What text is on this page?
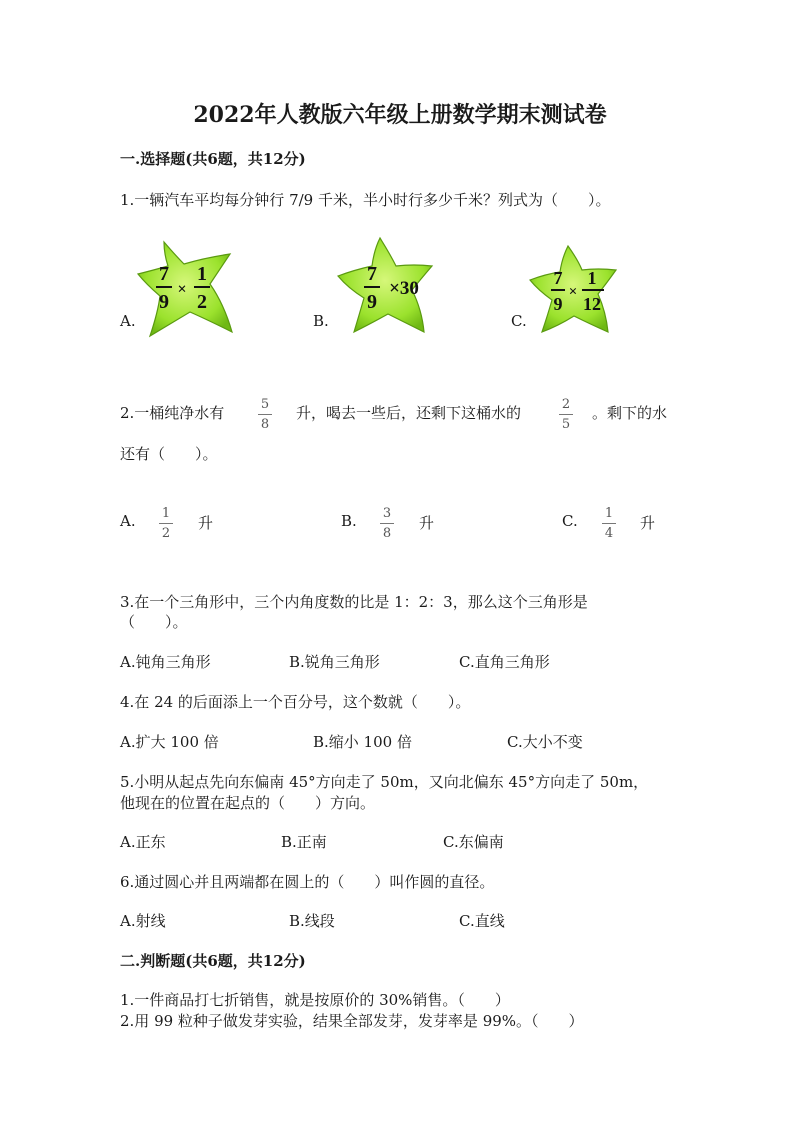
2022年人教版六年级上册数学期末测试卷
一.选择题(共6题，共12分)
1.一辆汽车平均每分钟行 7/9 千米，半小时行多少千米？列式为（　　）。
A.
7
9
×
1
2
B.
7
9
×30
C.
7
9
×
1
12
2.一桶纯净水有	5
8
升，喝去一些后，还剩下这桶水的	2
5
。剩下的水
还有（　　）。
A. 1
2
升	B. 3
8
升	C. 1
4
升
3.在一个三角形中，三个内角度数的比是 1：2：3，那么这个三角形是
（　　）。
A.钝角三角形	B.锐角三角形	C.直角三角形
4.在 24 的后面添上一个百分号，这个数就（　　）。
A.扩大 100 倍	B.缩小 100 倍	C.大小不变
5.小明从起点先向东偏南 45°方向走了 50m，又向北偏东 45°方向走了 50m，
他现在的位置在起点的（　　）方向。
A.正东	B.正南	C.东偏南
6.通过圆心并且两端都在圆上的（　　）叫作圆的直径。
A.射线	B.线段	C.直线
二.判断题(共6题，共12分)
1.一件商品打七折销售，就是按原价的 30%销售。（　　）
2.用 99 粒种子做发芽实验，结果全部发芽，发芽率是 99%。（　　）
